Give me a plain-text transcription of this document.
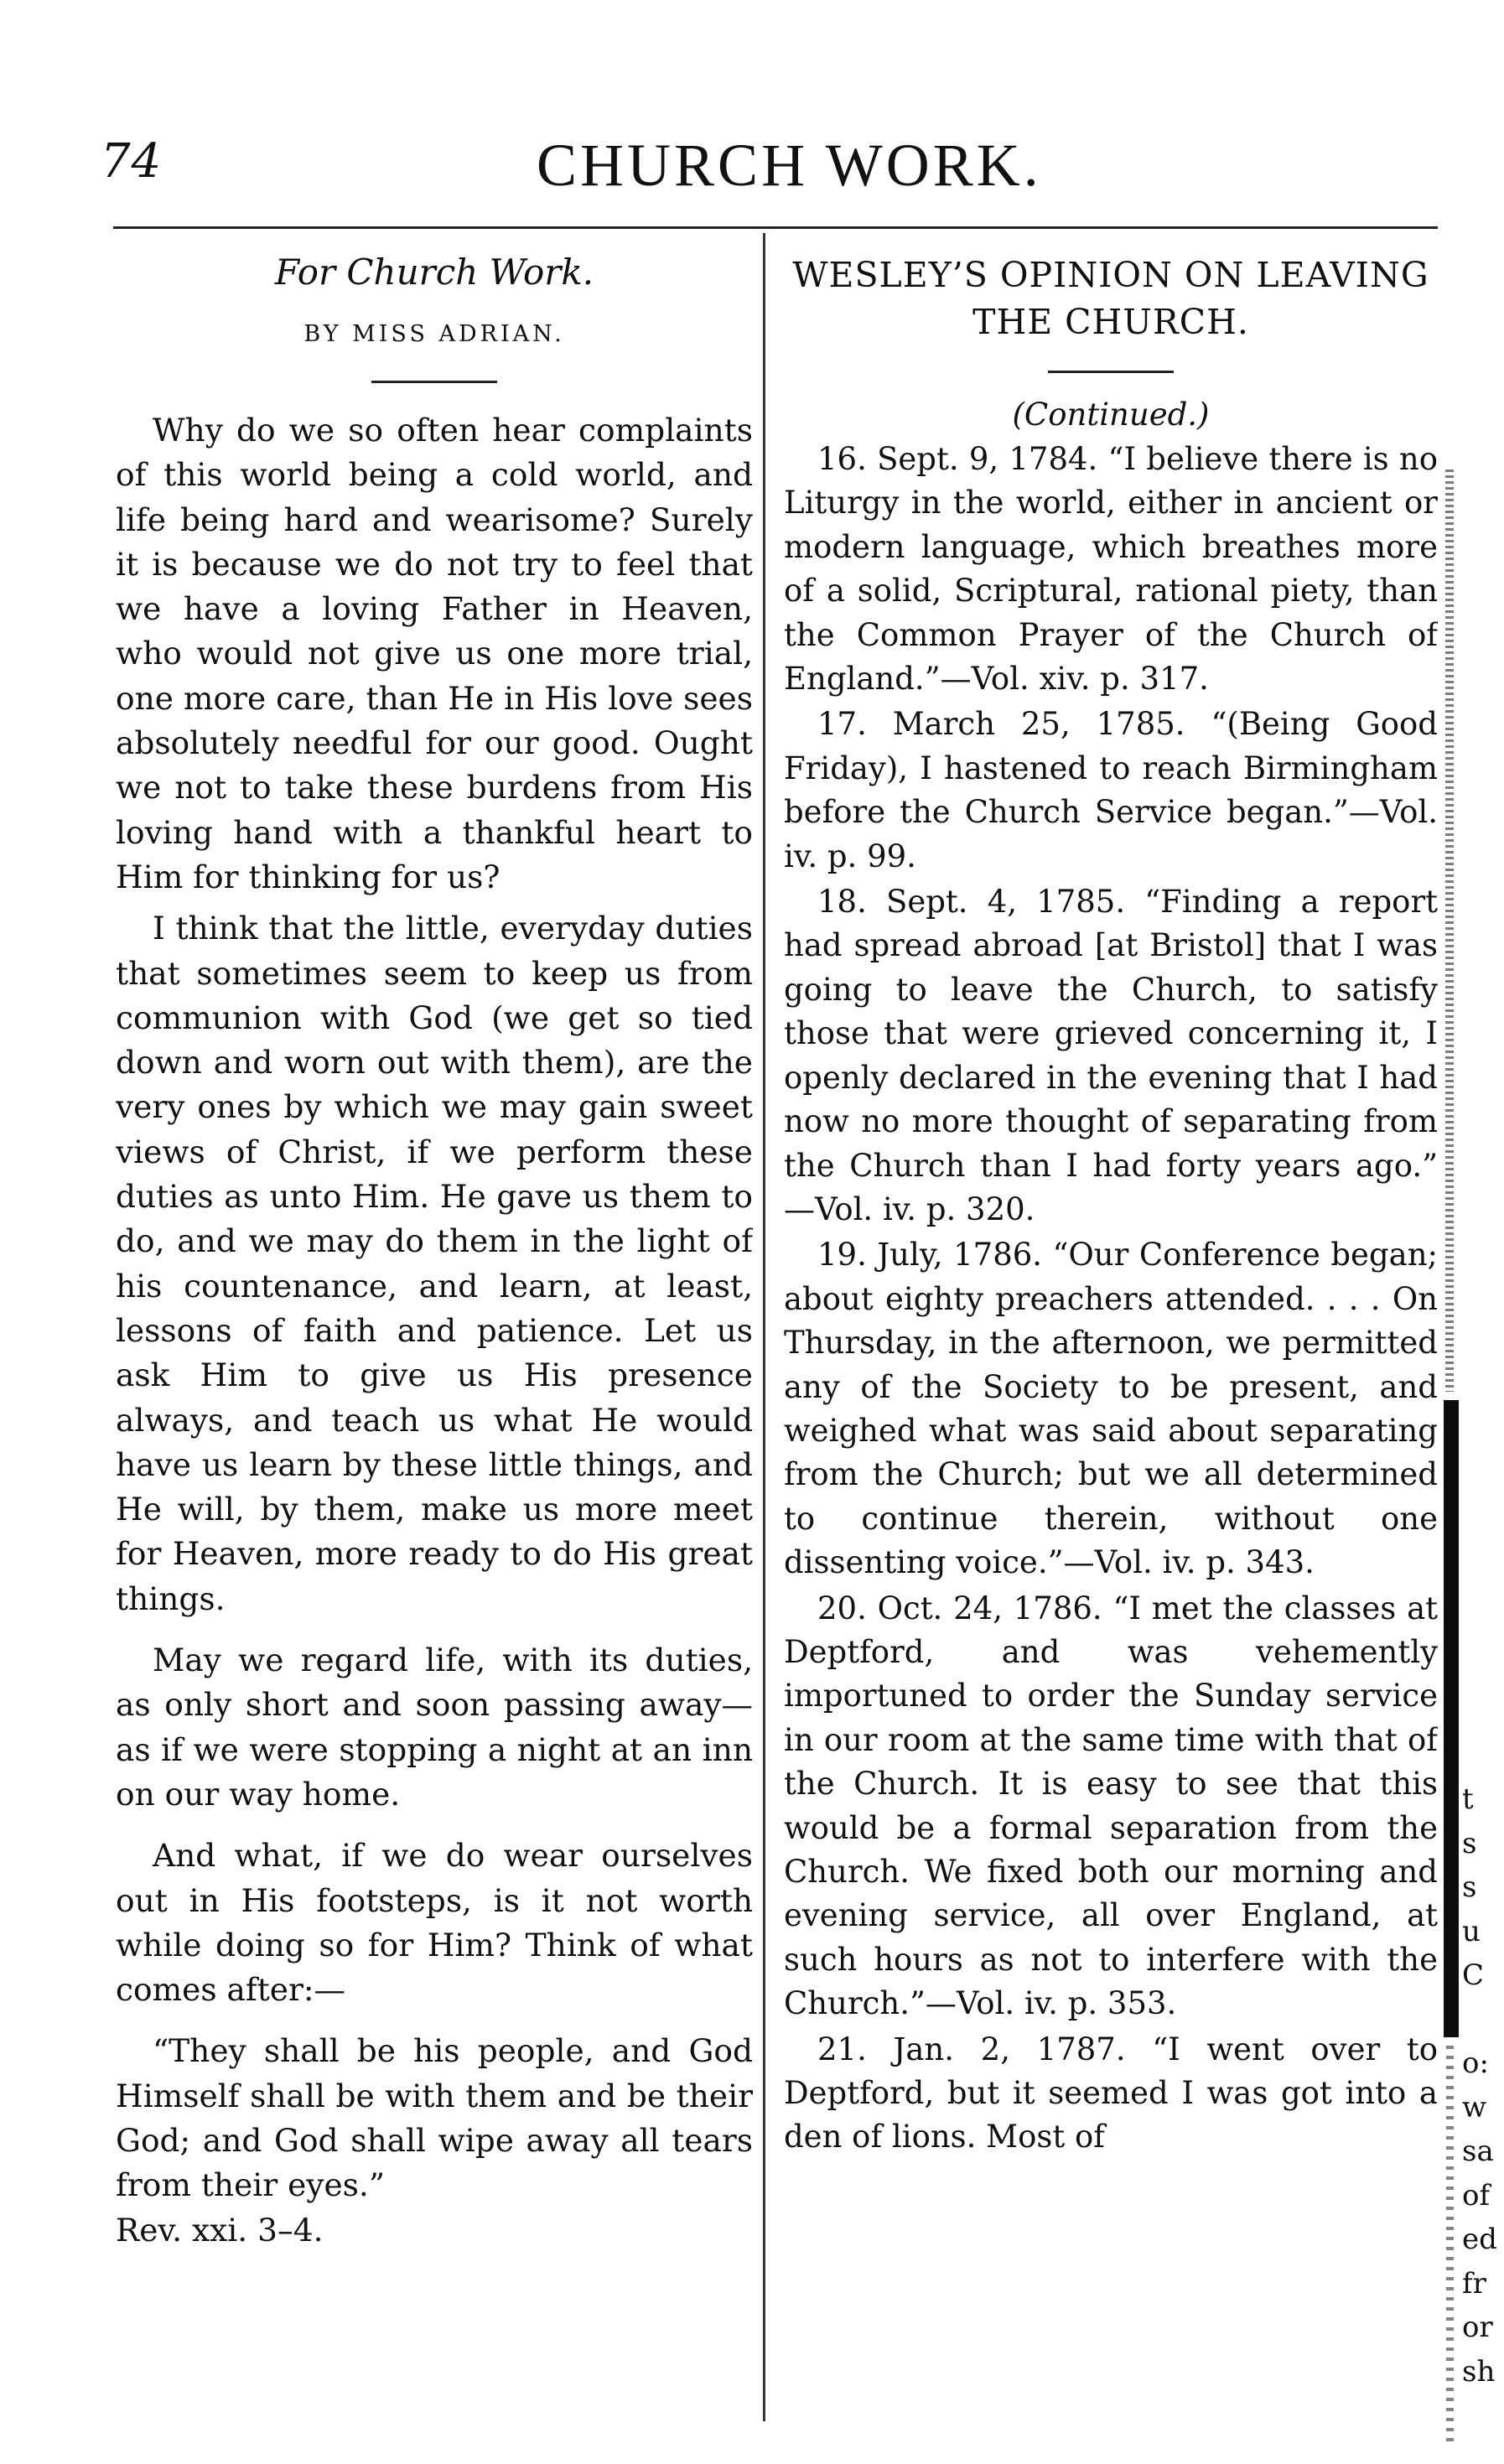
74	CHURCH WORK.
For Church Work.
BY MISS ADRIAN.

Why do we so often hear complaints of this world being a cold world, and life being hard and wearisome? Surely it is because we do not try to feel that we have a loving Father in Heaven, who would not give us one more trial, one more care, than He in His love sees absolutely needful for our good. Ought we not to take these burdens from His loving hand with a thankful heart to Him for thinking for us?

I think that the little, everyday duties that sometimes seem to keep us from communion with God (we get so tied down and worn out with them), are the very ones by which we may gain sweet views of Christ, if we perform these duties as unto Him. He gave us them to do, and we may do them in the light of his countenance, and learn, at least, lessons of faith and patience. Let us ask Him to give us His presence always, and teach us what He would have us learn by these little things, and He will, by them, make us more meet for Heaven, more ready to do His great things.

May we regard life, with its duties, as only short and soon passing away—as if we were stopping a night at an inn on our way home.

And what, if we do wear ourselves out in His footsteps, is it not worth while doing so for Him? Think of what comes after:—

“They shall be his people, and God Himself shall be with them and be their God; and God shall wipe away all tears from their eyes.”

Rev. xxi. 3–4.

WESLEY’S OPINION ON LEAVING THE CHURCH.
(Continued.)

16. Sept. 9, 1784. “I believe there is no Liturgy in the world, either in ancient or modern language, which breathes more of a solid, Scriptural, rational piety, than the Common Prayer of the Church of England.”—Vol. xiv. p. 317.

17. March 25, 1785. “(Being Good Friday), I hastened to reach Birmingham before the Church Service began.”—Vol. iv. p. 99.

18. Sept. 4, 1785. “Finding a report had spread abroad [at Bristol] that I was going to leave the Church, to satisfy those that were grieved concerning it, I openly declared in the evening that I had now no more thought of separating from the Church than I had forty years ago.” —Vol. iv. p. 320.

19. July, 1786. “Our Conference began; about eighty preachers attended. . . . On Thursday, in the afternoon, we permitted any of the Society to be present, and weighed what was said about separating from the Church; but we all determined to continue therein, without one dissenting voice.”—Vol. iv. p. 343.

20. Oct. 24, 1786. “I met the classes at Deptford, and was vehemently importuned to order the Sunday service in our room at the same time with that of the Church. It is easy to see that this would be a formal separation from the Church. We fixed both our morning and evening service, all over England, at such hours as not to interfere with the Church.”—Vol. iv. p. 353.

21. Jan. 2, 1787. “I went over to Deptford, but it seemed I was got into a den of lions. Most of

t
s
s
u
C
o:
w
sa
of
ed
fr
or
sh
